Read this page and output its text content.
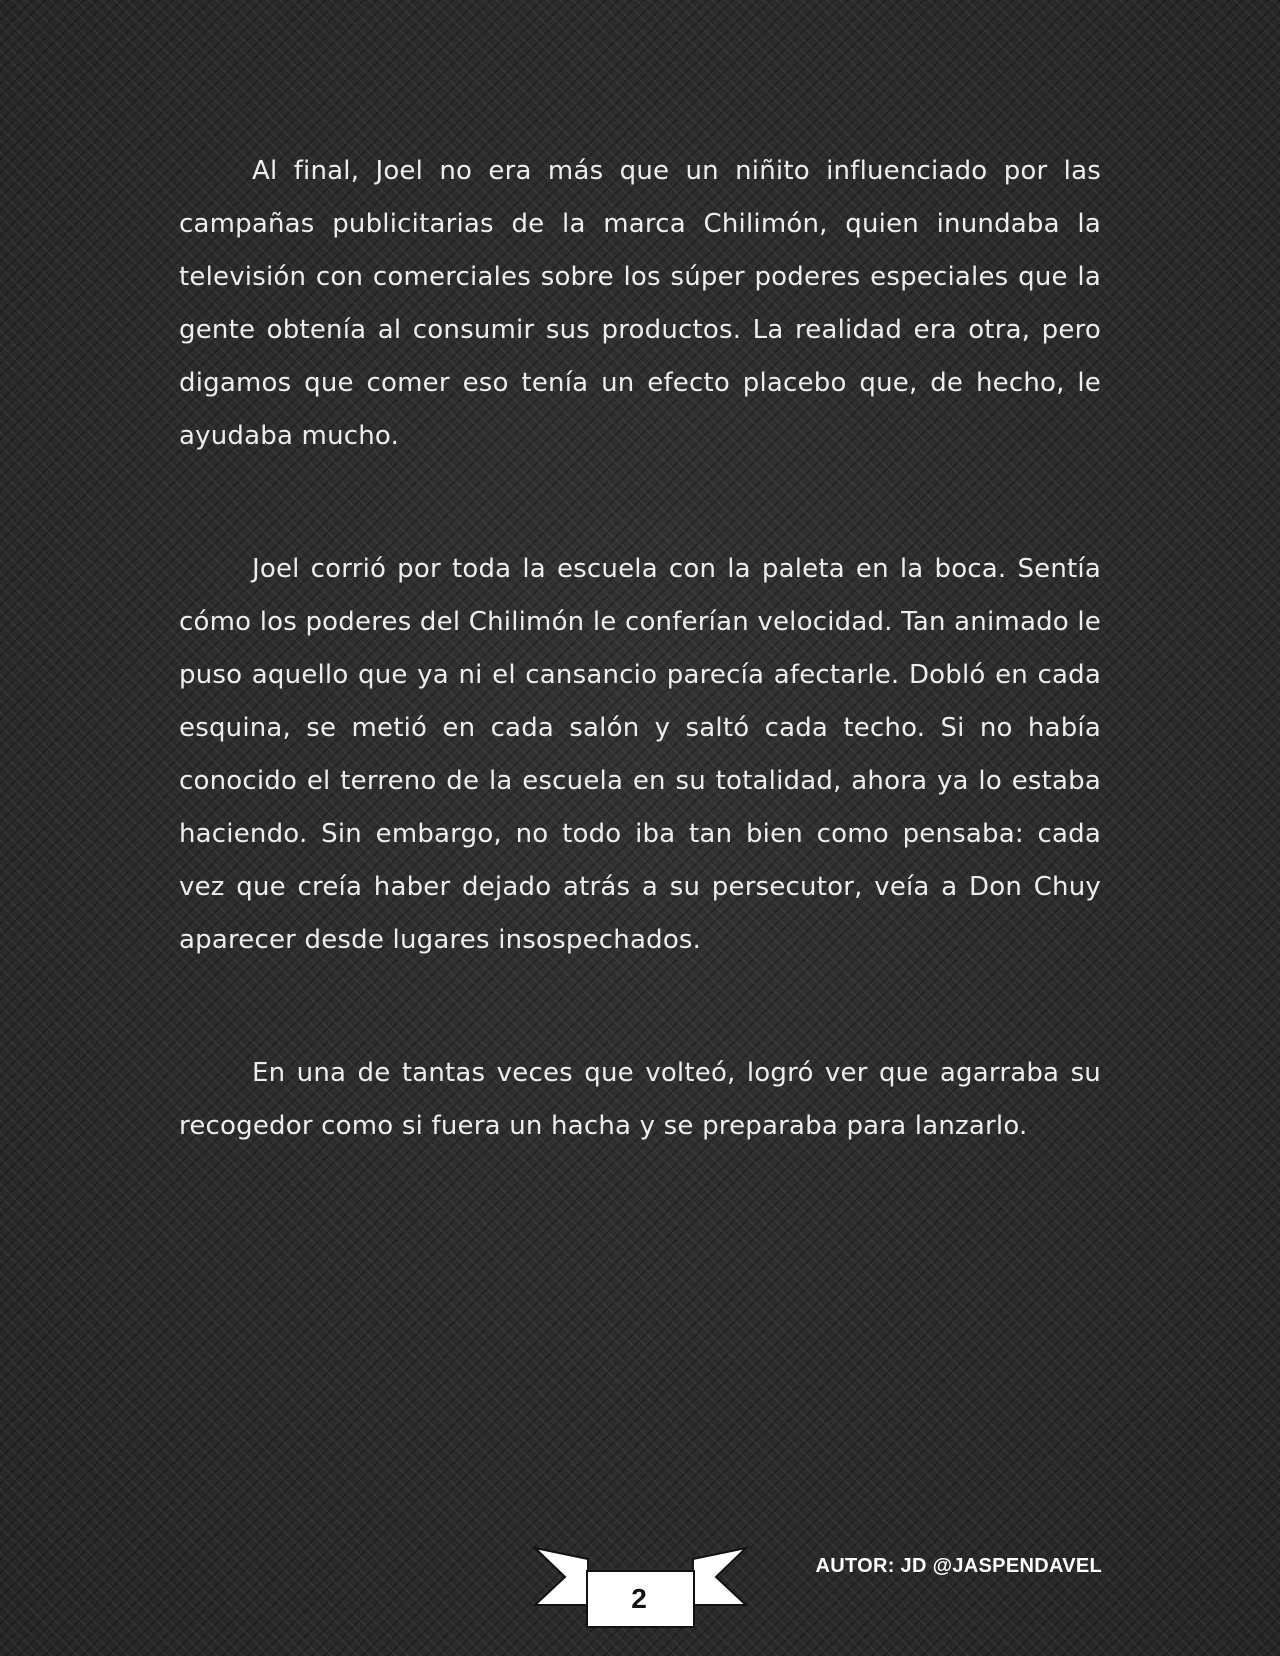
Al final, Joel no era más que un niñito influenciado por las campañas publicitarias de la marca Chilimón, quien inundaba la televisión con comerciales sobre los súper poderes especiales que la gente obtenía al consumir sus productos. La realidad era otra, pero digamos que comer eso tenía un efecto placebo que, de hecho, le ayudaba mucho.

Joel corrió por toda la escuela con la paleta en la boca. Sentía cómo los poderes del Chilimón le conferían velocidad. Tan animado le puso aquello que ya ni el cansancio parecía afectarle. Dobló en cada esquina, se metió en cada salón y saltó cada techo. Si no había conocido el terreno de la escuela en su totalidad, ahora ya lo estaba haciendo. Sin embargo, no todo iba tan bien como pensaba: cada vez que creía haber dejado atrás a su persecutor, veía a Don Chuy aparecer desde lugares insospechados.

En una de tantas veces que volteó, logró ver que agarraba su recogedor como si fuera un hacha y se preparaba para lanzarlo.

2
AUTOR: JD @JASPENDAVEL
